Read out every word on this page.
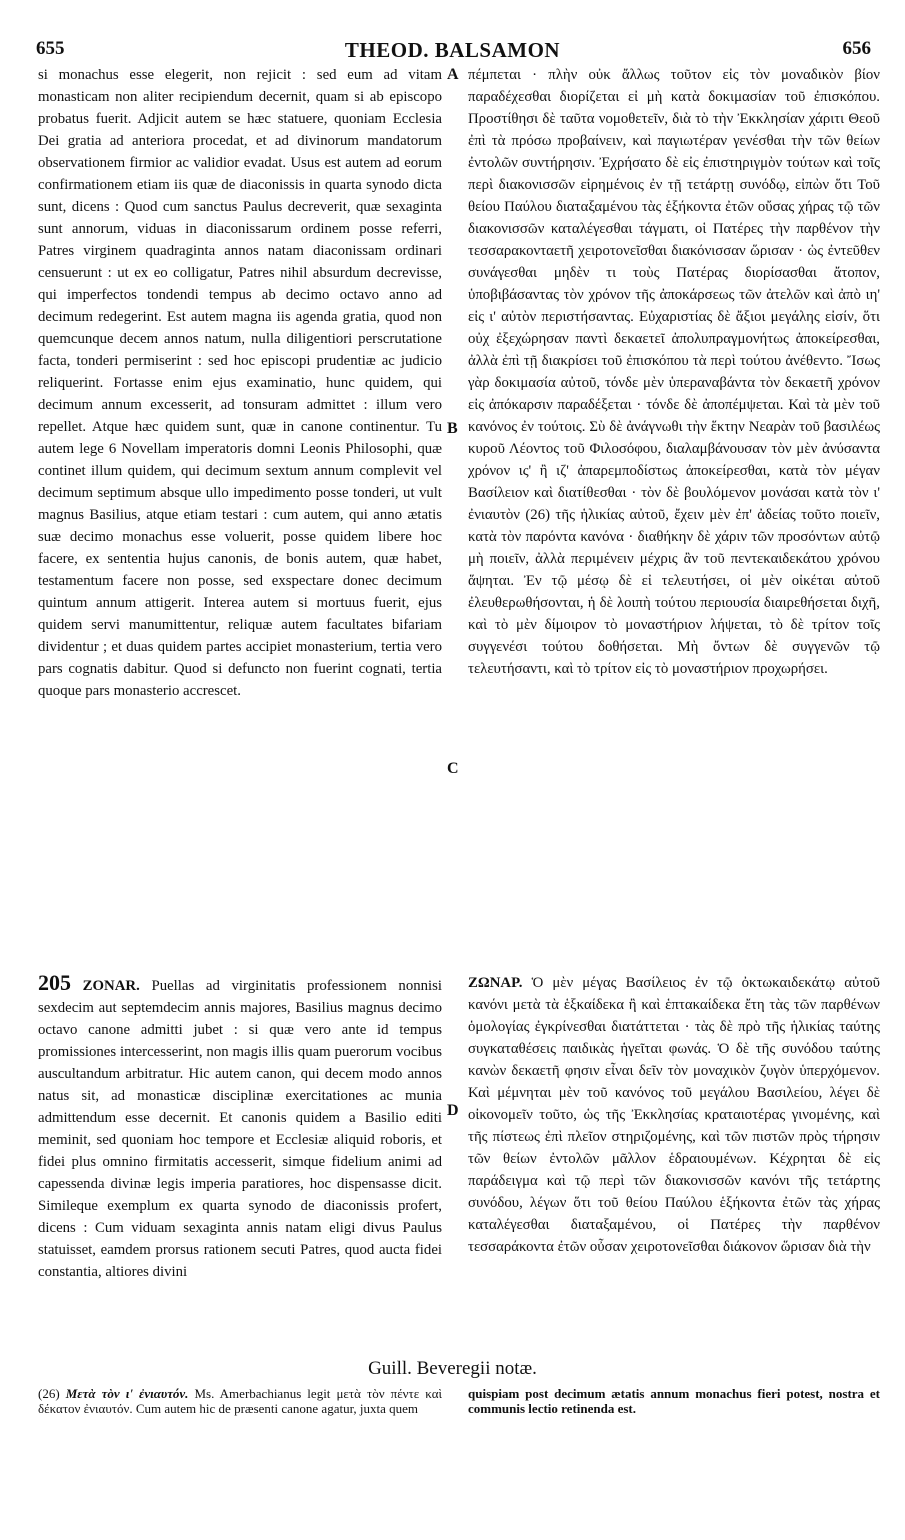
THEOD. BALSAMON
655	656

si monachus esse elegerit, non rejicit : sed eum ad vitam monasticam non aliter recipiendum decernit, quam si ab episcopo probatus fuerit. Adjicit autem se hæc statuere, quoniam Ecclesia Dei gratia ad anteriora procedat, et ad divinorum mandatorum observationem firmior ac validior evadat. Usus est autem ad eorum confirmationem etiam iis quæ de diaconissis in quarta synodo dicta sunt, dicens : Quod cum sanctus Paulus decreverit, quæ sexaginta sunt annorum, viduas in diaconissarum ordinem posse referri, Patres virginem quadraginta annos natam diaconissam ordinari censuerunt : ut ex eo colligatur, Patres nihil absurdum decrevisse, qui imperfectos tondendi tempus ab decimo octavo anno ad decimum redegerint. Est autem magna iis agenda gratia, quod non quemcunque decem annos natum, nulla diligentiori perscrutatione facta, tonderi permiserint : sed hoc episcopi prudentiæ ac judicio reliquerint. Fortasse enim ejus examinatio, hunc quidem, qui decimum annum excesserit, ad tonsuram admittet : illum vero repellet. Atque hæc quidem sunt, quæ in canone continentur. Tu autem lege 6 Novellam imperatoris domni Leonis Philosophi, quæ continet illum quidem, qui decimum sextum annum complevit vel decimum septimum absque ullo impedimento posse tonderi, ut vult magnus Basilius, atque etiam testari : cum autem, qui anno ætatis suæ decimo monachus esse voluerit, posse quidem libere hoc facere, ex sententia hujus canonis, de bonis autem, quæ habet, testamentum facere non posse, sed exspectare donec decimum quintum annum attigerit. Interea autem si mortuus fuerit, ejus quidem servi manumittentur, reliquæ autem facultates bifariam dividentur ; et duas quidem partes accipiet monasterium, tertia vero pars cognatis dabitur. Quod si defuncto non fuerint cognati, tertia quoque pars monasterio accrescet.

πέμπεται · πλὴν οὐκ ἄλλως τοῦτον εἰς τὸν μοναδικὸν βίον παραδέχεσθαι διορίζεται εἰ μὴ κατὰ δοκιμασίαν τοῦ ἐπισκόπου. Προστίθησι δὲ ταῦτα νομοθετεῖν, διὰ τὸ τὴν Ἐκκλησίαν χάριτι Θεοῦ ἐπὶ τὰ πρόσω προβαίνειν, καὶ παγιωτέραν γενέσθαι τὴν τῶν θείων ἐντολῶν συντήρησιν. Ἐχρήσατο δὲ εἰς ἐπιστηριγμὸν τούτων καὶ τοῖς περὶ διακονισσῶν εἰρημένοις ἐν τῇ τετάρτῃ συνόδῳ, εἰπὼν ὅτι Τοῦ θείου Παύλου διαταξαμένου τὰς ἑξήκοντα ἐτῶν οὔσας χήρας τῷ τῶν διακονισσῶν καταλέγεσθαι τάγματι, οἱ Πατέρες τὴν παρθένον τὴν τεσσαρακονταετῆ χειροτονεῖσθαι διακόνισσαν ὥρισαν · ὡς ἐντεῦθεν συνάγεσθαι μηδὲν τι τοὺς Πατέρας διορίσασθαι ἄτοπον, ὑποβιβάσαντας τὸν χρόνον τῆς ἀποκάρσεως τῶν ἀτελῶν καὶ ἀπὸ ιη' εἰς ι' αὐτὸν περιστήσαντας. Εὐχαριστίας δὲ ἄξιοι μεγάλης εἰσίν, ὅτι οὐχ ἐξεχώρησαν παντὶ δεκαετεῖ ἀπολυπραγμονήτως ἀποκείρεσθαι, ἀλλὰ ἐπὶ τῇ διακρίσει τοῦ ἐπισκόπου τὰ περὶ τούτου ἀνέθεντο. Ἴσως γὰρ δοκιμασία αὐτοῦ, τόνδε μὲν ὑπεραναβάντα τὸν δεκαετῆ χρόνον εἰς ἀπόκαρσιν παραδέξεται · τόνδε δὲ ἀποπέμψεται. Καὶ τὰ μὲν τοῦ κανόνος ἐν τούτοις. Σὺ δὲ ἀνάγνωθι τὴν ἕκτην Νεαρὰν τοῦ βασιλέως κυροῦ Λέοντος τοῦ Φιλοσόφου, διαλαμβάνουσαν τὸν μὲν ἀνύσαντα χρόνον ις' ἢ ιζ' ἀπαρεμποδίστως ἀποκείρεσθαι, κατὰ τὸν μέγαν Βασίλειον καὶ διατίθεσθαι · τὸν δὲ βουλόμενον μονάσαι κατὰ τὸν ι' ἐνιαυτὸν (26) τῆς ἡλικίας αὐτοῦ, ἔχειν μὲν ἐπ' ἀδείας τοῦτο ποιεῖν, κατὰ τὸν παρόντα κανόνα · διαθήκην δὲ χάριν τῶν προσόντων αὐτῷ μὴ ποιεῖν, ἀλλὰ περιμένειν μέχρις ἂν τοῦ πεντεκαιδεκάτου χρόνου ἅψηται. Ἐν τῷ μέσῳ δὲ εἰ τελευτήσει, οἱ μὲν οἰκέται αὐτοῦ ἐλευθερωθήσονται, ἡ δὲ λοιπὴ τούτου περιουσία διαιρεθήσεται διχῆ, καὶ τὸ μὲν δίμοιρον τὸ μοναστήριον λήψεται, τὸ δὲ τρίτον τοῖς συγγενέσι τούτου δοθήσεται. Μὴ ὄντων δὲ συγγενῶν τῷ τελευτήσαντι, καὶ τὸ τρίτον εἰς τὸ μοναστήριον προχωρήσει.

A
B
C
D

205 ZONAR. Puellas ad virginitatis professionem nonnisi sexdecim aut septemdecim annis majores, Basilius magnus decimo octavo canone admitti jubet : si quæ vero ante id tempus promissiones intercesserint, non magis illis quam puerorum vocibus auscultandum arbitratur. Hic autem canon, qui decem modo annos natus sit, ad monasticæ disciplinæ exercitationes ac munia admittendum esse decernit. Et canonis quidem a Basilio editi meminit, sed quoniam hoc tempore et Ecclesiæ aliquid roboris, et fidei plus omnino firmitatis accesserit, simque fidelium animi ad capessenda divinæ legis imperia paratiores, hoc dispensasse dicit. Simileque exemplum ex quarta synodo de diaconissis profert, dicens : Cum viduam sexaginta annis natam eligi divus Paulus statuisset, eamdem prorsus rationem secuti Patres, quod aucta fidei constantia, altiores divini

ΖΩΝΑΡ. Ὁ μὲν μέγας Βασίλειος ἐν τῷ ὀκτωκαιδεκάτῳ αὐτοῦ κανόνι μετὰ τὰ ἑξκαίδεκα ἢ καὶ ἑπτακαίδεκα ἔτη τὰς τῶν παρθένων ὁμολογίας ἐγκρίνεσθαι διατάττεται · τὰς δὲ πρὸ τῆς ἡλικίας ταύτης συγκαταθέσεις παιδικὰς ἡγεῖται φωνάς. Ὁ δὲ τῆς συνόδου ταύτης κανὼν δεκαετῆ φησιν εἶναι δεῖν τὸν μοναχικὸν ζυγὸν ὑπερχόμενον. Καὶ μέμνηται μὲν τοῦ κανόνος τοῦ μεγάλου Βασιλείου, λέγει δὲ οἰκονομεῖν τοῦτο, ὡς τῆς Ἐκκλησίας κραταιοτέρας γινομένης, καὶ τῆς πίστεως ἐπὶ πλεῖον στηριζομένης, καὶ τῶν πιστῶν πρὸς τήρησιν τῶν θείων ἐντολῶν μᾶλλον ἑδραιουμένων. Κέχρηται δὲ εἰς παράδειγμα καὶ τῷ περὶ τῶν διακονισσῶν κανόνι τῆς τετάρτης συνόδου, λέγων ὅτι τοῦ θείου Παύλου ἑξήκοντα ἐτῶν τὰς χήρας καταλέγεσθαι διαταξαμένου, οἱ Πατέρες τὴν παρθένον τεσσαράκοντα ἐτῶν οὖσαν χειροτονεῖσθαι διάκονον ὥρισαν διὰ τὴν

Guill. Beveregii notæ.
(26) Μετὰ τὸν ι' ἐνιαυτόν. Ms. Amerbachianus legit μετὰ τὸν πέντε καὶ δέκατον ἐνιαυτόν. Cum autem hic de præsenti canone agatur, juxta quem
quispiam post decimum ætatis annum monachus fieri potest, nostra et communis lectio retinenda est.
